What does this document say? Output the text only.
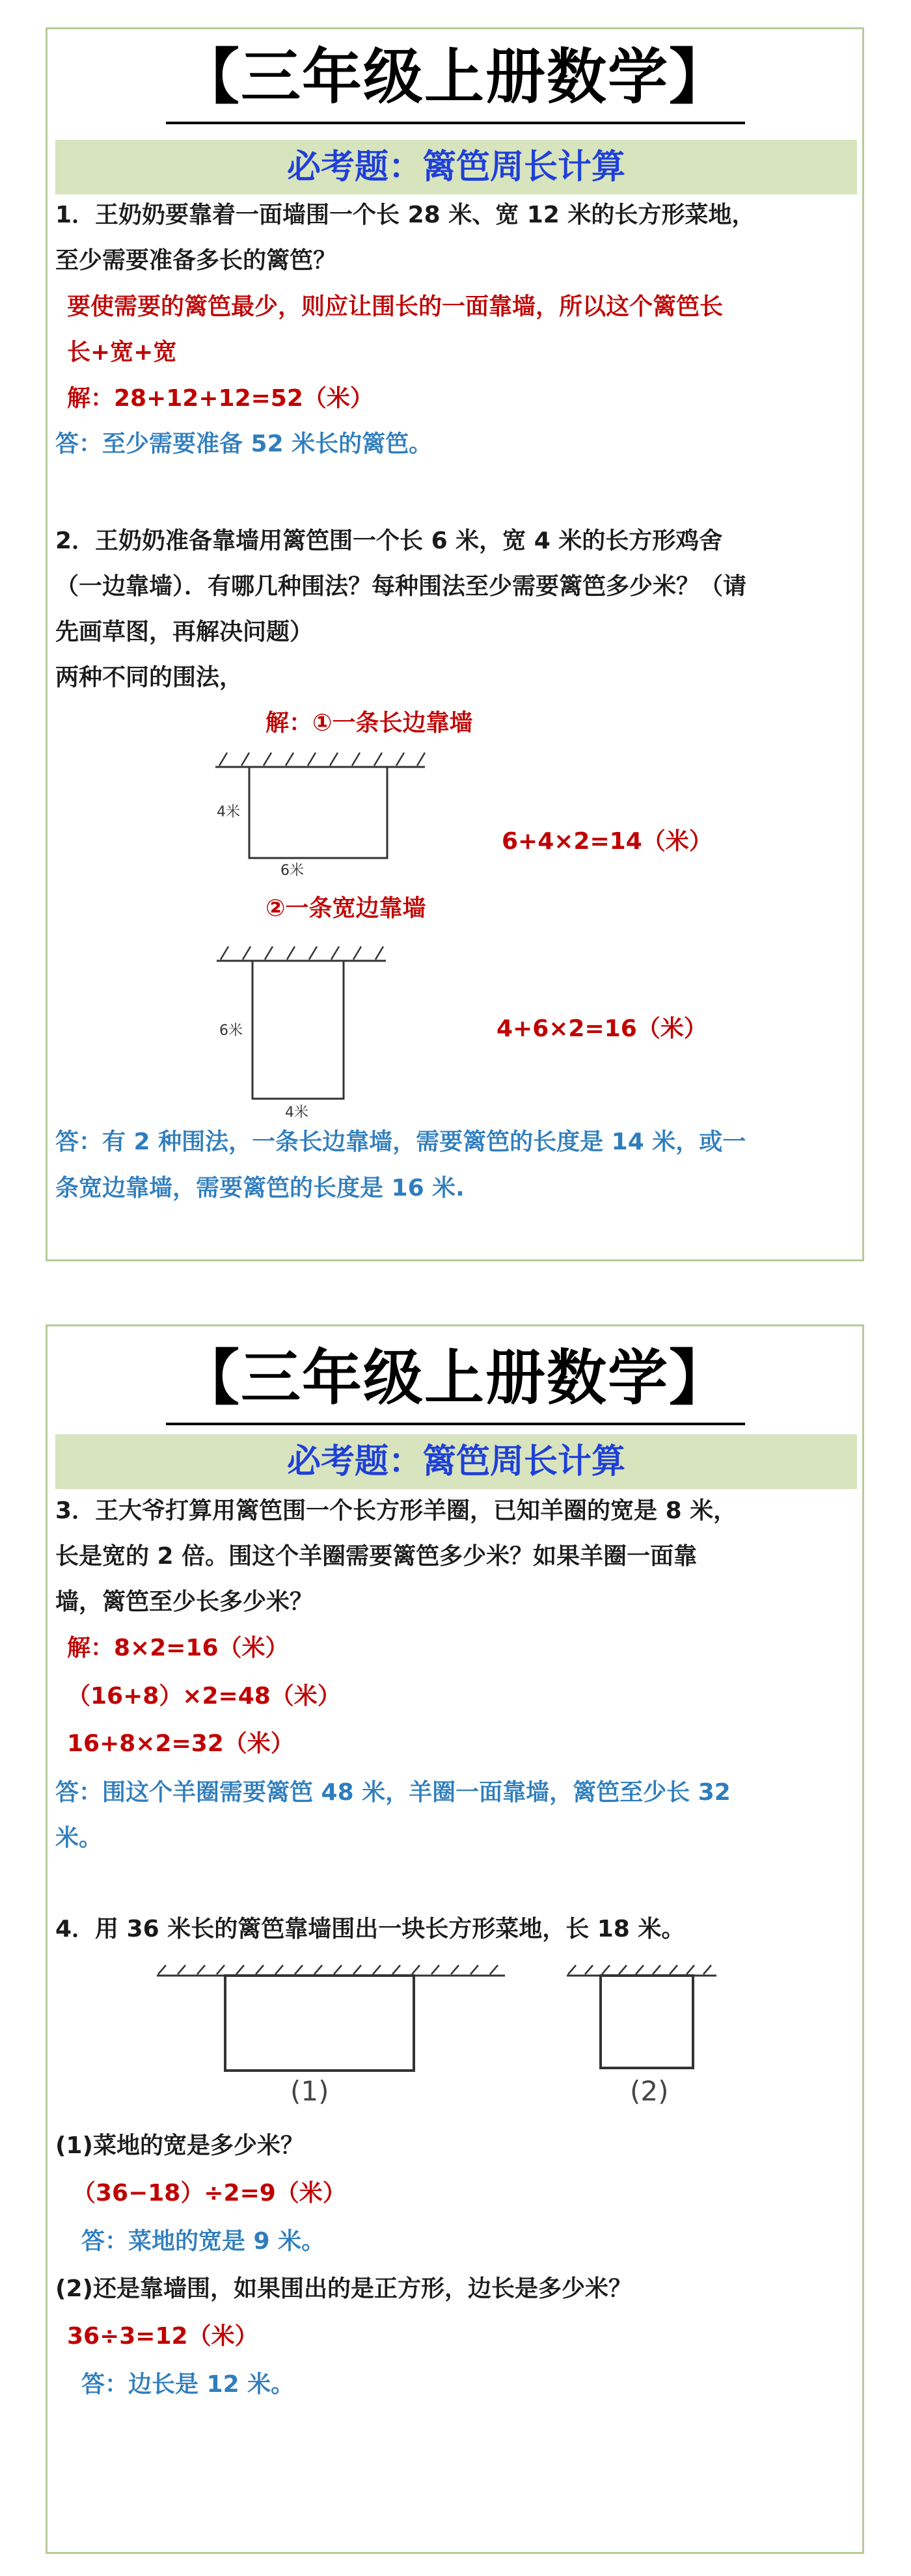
【三年级上册数学】
必考题：篱笆周长计算
1．王奶奶要靠着一面墙围一个长 28 米、宽 12 米的长方形菜地，
至少需要准备多长的篱笆？
要使需要的篱笆最少，则应让围长的一面靠墙，所以这个篱笆长
长+宽+宽
解：28+12+12=52（米）
答：至少需要准备 52 米长的篱笆。
2．王奶奶准备靠墙用篱笆围一个长 6 米，宽 4 米的长方形鸡舍
（一边靠墙）．有哪几种围法？每种围法至少需要篱笆多少米？（请
先画草图，再解决问题）
两种不同的围法，
解：①一条长边靠墙
4米
6米
6+4×2=14（米）
②一条宽边靠墙
6米
4米
4+6×2=16（米）
答：有 2 种围法，一条长边靠墙，需要篱笆的长度是 14 米，或一
条宽边靠墙，需要篱笆的长度是 16 米.
【三年级上册数学】
必考题：篱笆周长计算
3．王大爷打算用篱笆围一个长方形羊圈，已知羊圈的宽是 8 米，
长是宽的 2 倍。围这个羊圈需要篱笆多少米？如果羊圈一面靠
墙，篱笆至少长多少米？
解：8×2=16（米）
（16+8）×2=48（米）
16+8×2=32（米）
答：围这个羊圈需要篱笆 48 米，羊圈一面靠墙，篱笆至少长 32
米。
4．用 36 米长的篱笆靠墙围出一块长方形菜地，长 18 米。
(1)	(2)
(1)菜地的宽是多少米？
（36−18）÷2=9（米）
答：菜地的宽是 9 米。
(2)还是靠墙围，如果围出的是正方形，边长是多少米？
36÷3=12（米）
答：边长是 12 米。
